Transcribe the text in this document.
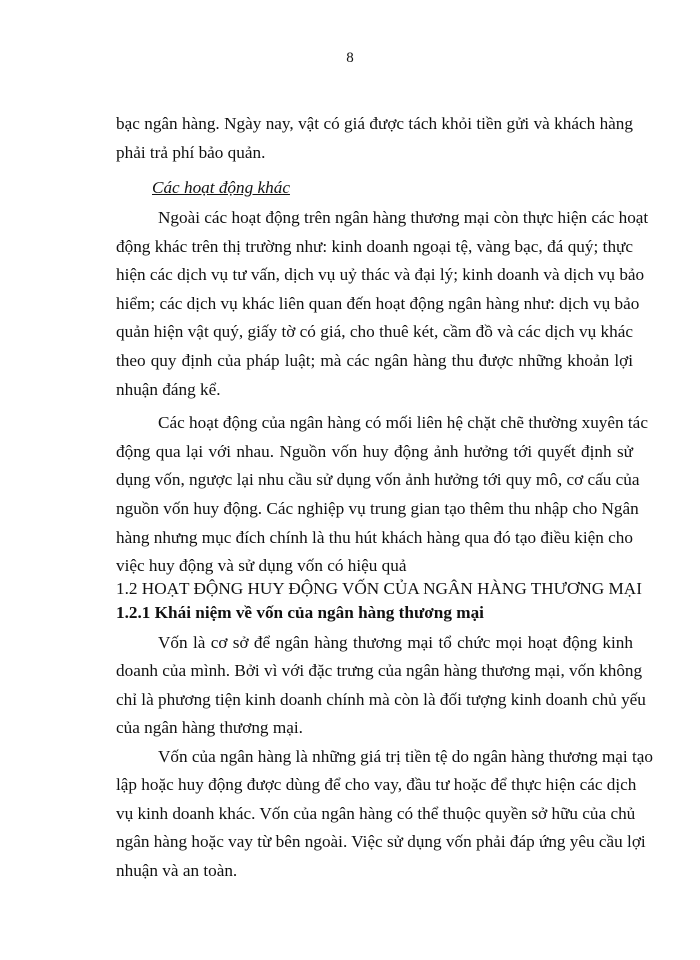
8
bạc ngân hàng. Ngày nay, vật có giá được tách khỏi tiền gửi và khách hàng
phải trả phí bảo quản.
Các hoạt động khác
Ngoài các hoạt động trên ngân hàng thương mại còn thực hiện các hoạt
động khác trên thị trường như: kinh doanh ngoại tệ, vàng bạc, đá quý; thực
hiện các dịch vụ tư vấn, dịch vụ uỷ thác và đại lý; kinh doanh và dịch vụ bảo
hiểm; các dịch vụ khác liên quan đến hoạt động ngân hàng như: dịch vụ bảo
quản hiện vật quý, giấy tờ có giá, cho thuê két, cầm đồ và các dịch vụ khác
theo quy định của pháp luật; mà các ngân hàng thu được những khoản lợi
nhuận đáng kể.
Các hoạt động của ngân hàng có mối liên hệ chặt chẽ thường xuyên tác
động qua lại với nhau. Nguồn vốn huy động ảnh hưởng tới quyết định sử
dụng vốn, ngược lại nhu cầu sử dụng vốn ảnh hưởng tới quy mô, cơ cấu của
nguồn vốn huy động. Các nghiệp vụ trung gian tạo thêm thu nhập cho Ngân
hàng nhưng mục đích chính là thu hút khách hàng qua đó tạo điều kiện cho
việc huy động và sử dụng vốn có hiệu quả
1.2 HOẠT ĐỘNG HUY ĐỘNG VỐN CỦA NGÂN HÀNG THƯƠNG MẠI
1.2.1 Khái niệm về vốn của ngân hàng thương mại
Vốn là cơ sở để ngân hàng thương mại tổ chức mọi hoạt động kinh
doanh của mình. Bởi vì với đặc trưng của ngân hàng thương mại, vốn không
chỉ là phương tiện kinh doanh chính mà còn là đối tượng kinh doanh chủ yếu
của ngân hàng thương mại.
Vốn của ngân hàng là những giá trị tiền tệ do ngân hàng thương mại tạo
lập hoặc huy động được dùng để cho vay, đầu tư hoặc để thực hiện các dịch
vụ kinh doanh khác. Vốn của ngân hàng có thể thuộc quyền sở hữu của chủ
ngân hàng hoặc vay từ bên ngoài. Việc sử dụng vốn phải đáp ứng yêu cầu lợi
nhuận và an toàn.
